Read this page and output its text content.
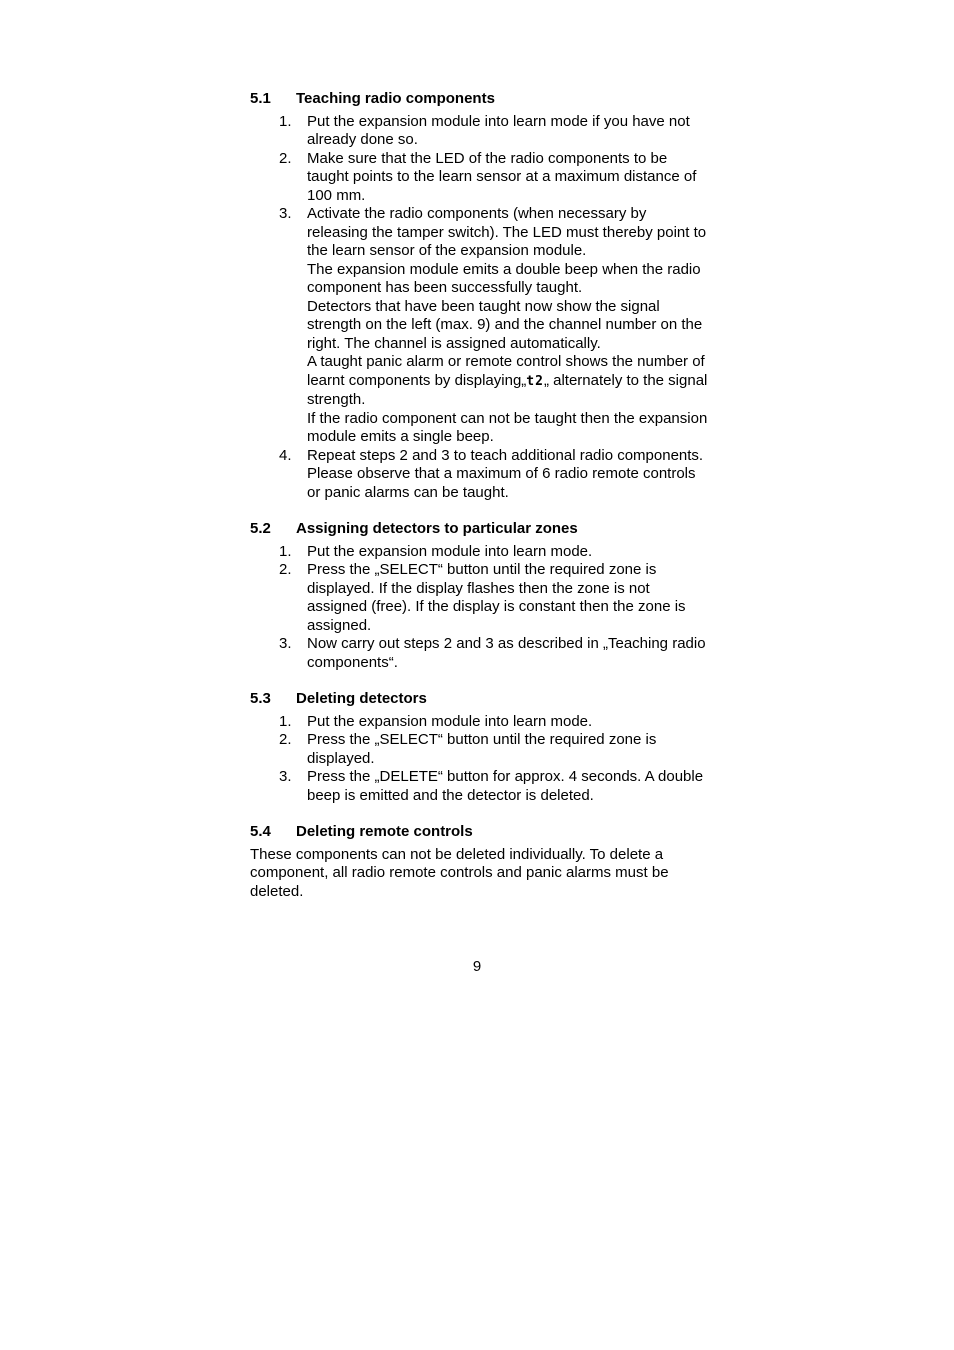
5.1	Teaching radio components
1.	Put the expansion module into learn mode if you have not already done so.

2.	Make sure that the LED of the radio components to be taught points to the learn sensor at a maximum distance of 100 mm.

3.	Activate the radio components (when necessary by releasing the tamper switch). The LED must thereby point to the learn sensor of the expansion module.

The expansion module emits a double beep when the radio component has been successfully taught.

Detectors that have been taught now show the signal strength on the left (max. 9) and the channel number on the right. The channel is assigned automatically.

A taught panic alarm or remote control shows the number of learnt components by displaying„t2„ alternately to the signal strength.

If the radio component can not be taught then the expansion module emits a single beep.

4.	Repeat steps 2 and 3 to teach additional radio components. Please observe that a maximum of 6 radio remote controls or panic alarms can be taught.

5.2	Assigning detectors to particular zones
1.	Put the expansion module into learn mode.

2.	Press the „SELECT“ button until the required zone is displayed. If the display flashes then the zone is not assigned (free). If the display is constant then the zone is assigned.

3.	Now carry out steps 2 and 3 as described in „Teaching radio components“.

5.3	Deleting detectors
1.	Put the expansion module into learn mode.

2.	Press the „SELECT“ button until the required zone is displayed.

3.	Press the „DELETE“ button for approx. 4 seconds. A double beep is emitted and the detector is deleted.

5.4	Deleting remote controls

These components can not be deleted individually. To delete a component, all radio remote controls and panic alarms must be deleted.

9
